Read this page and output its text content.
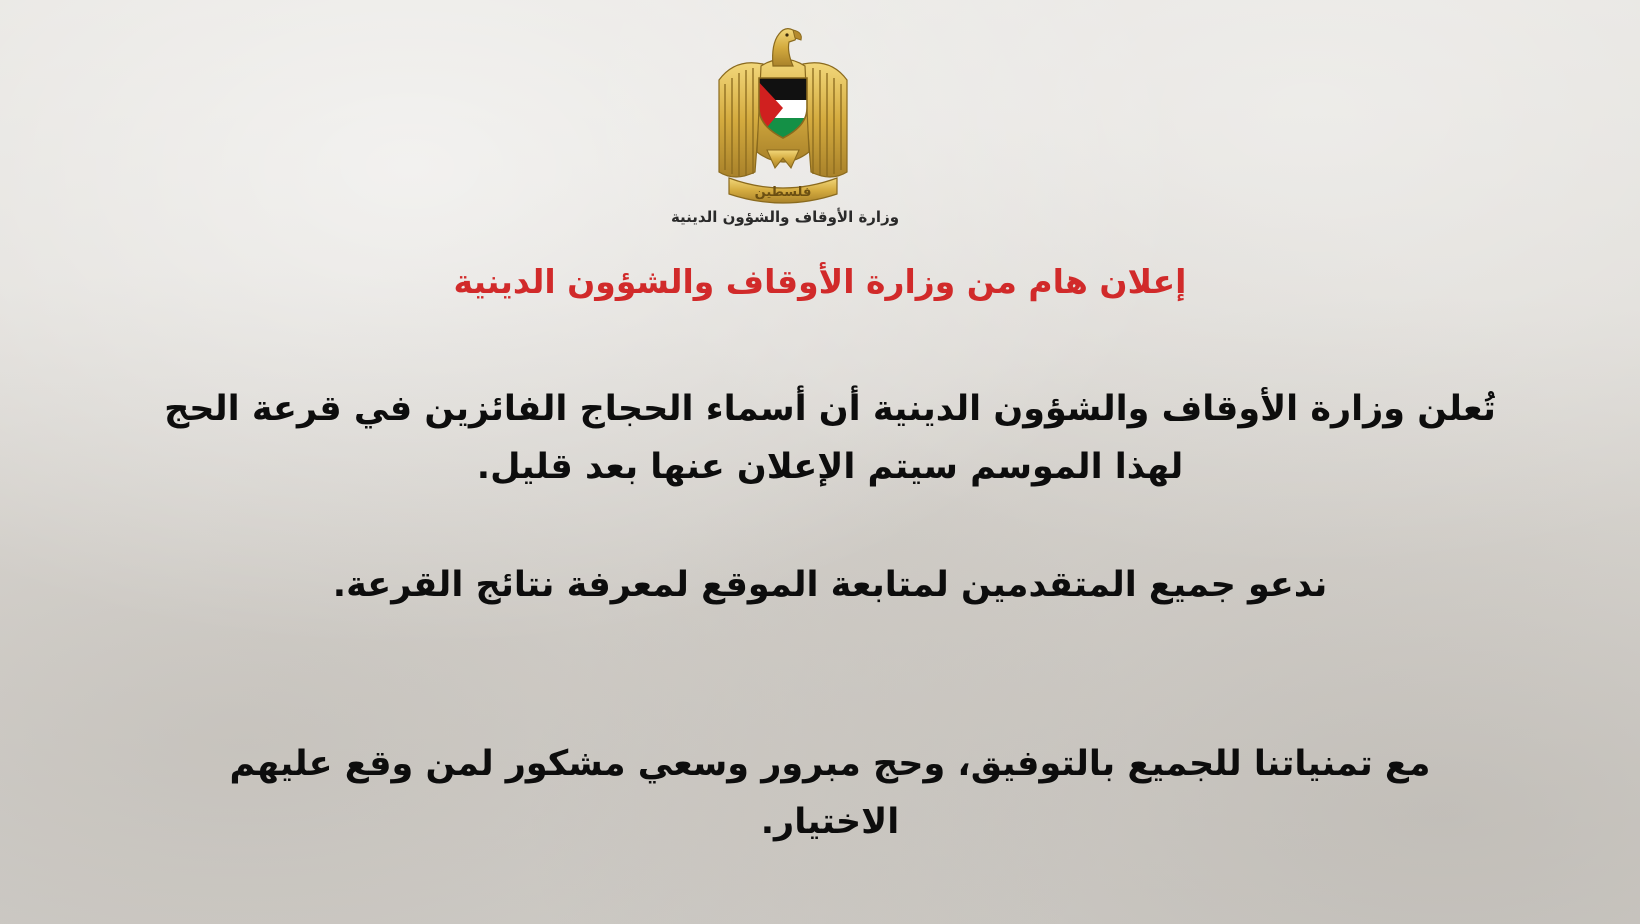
فلسطين
وزارة الأوقاف والشؤون الدينية
إعلان هام من وزارة الأوقاف والشؤون الدينية
تُعلن وزارة الأوقاف والشؤون الدينية أن أسماء الحجاج الفائزين في قرعة الحج لهذا الموسم سيتم الإعلان عنها بعد قليل.
ندعو جميع المتقدمين لمتابعة الموقع لمعرفة نتائج القرعة.
مع تمنياتنا للجميع بالتوفيق، وحج مبرور وسعي مشكور لمن وقع عليهم الاختيار.
